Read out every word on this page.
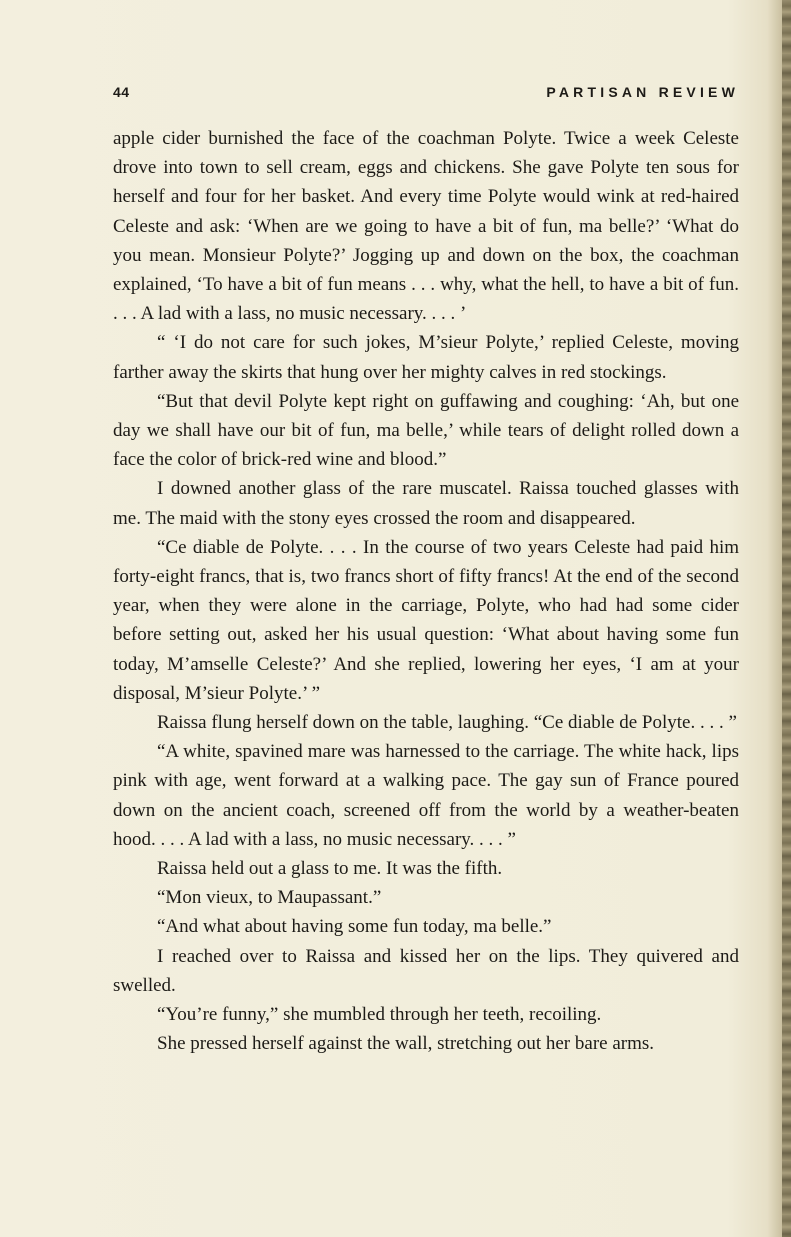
44	PARTISAN REVIEW

apple cider burnished the face of the coachman Polyte. Twice a week Celeste drove into town to sell cream, eggs and chickens. She gave Polyte ten sous for herself and four for her basket. And every time Polyte would wink at red-haired Celeste and ask: ‘When are we going to have a bit of fun, ma belle?’ ‘What do you mean. Monsieur Polyte?’ Jogging up and down on the box, the coachman explained, ‘To have a bit of fun means . . . why, what the hell, to have a bit of fun. . . . A lad with a lass, no music necessary. . . . ’

“ ‘I do not care for such jokes, M’sieur Polyte,’ replied Celeste, moving farther away the skirts that hung over her mighty calves in red stockings.

“But that devil Polyte kept right on guffawing and coughing: ‘Ah, but one day we shall have our bit of fun, ma belle,’ while tears of delight rolled down a face the color of brick-red wine and blood.”

I downed another glass of the rare muscatel. Raissa touched glasses with me. The maid with the stony eyes crossed the room and disappeared.

“Ce diable de Polyte. . . . In the course of two years Celeste had paid him forty-eight francs, that is, two francs short of fifty francs! At the end of the second year, when they were alone in the carriage, Polyte, who had had some cider before setting out, asked her his usual question: ‘What about having some fun today, M’amselle Celeste?’ And she replied, lowering her eyes, ‘I am at your disposal, M’sieur Polyte.’ ”

Raissa flung herself down on the table, laughing. “Ce diable de Polyte. . . . ”

“A white, spavined mare was harnessed to the carriage. The white hack, lips pink with age, went forward at a walking pace. The gay sun of France poured down on the ancient coach, screened off from the world by a weather-beaten hood. . . . A lad with a lass, no music necessary. . . . ”

Raissa held out a glass to me. It was the fifth.

“Mon vieux, to Maupassant.”

“And what about having some fun today, ma belle.”

I reached over to Raissa and kissed her on the lips. They quivered and swelled.

“You’re funny,” she mumbled through her teeth, recoiling.

She pressed herself against the wall, stretching out her bare arms.
